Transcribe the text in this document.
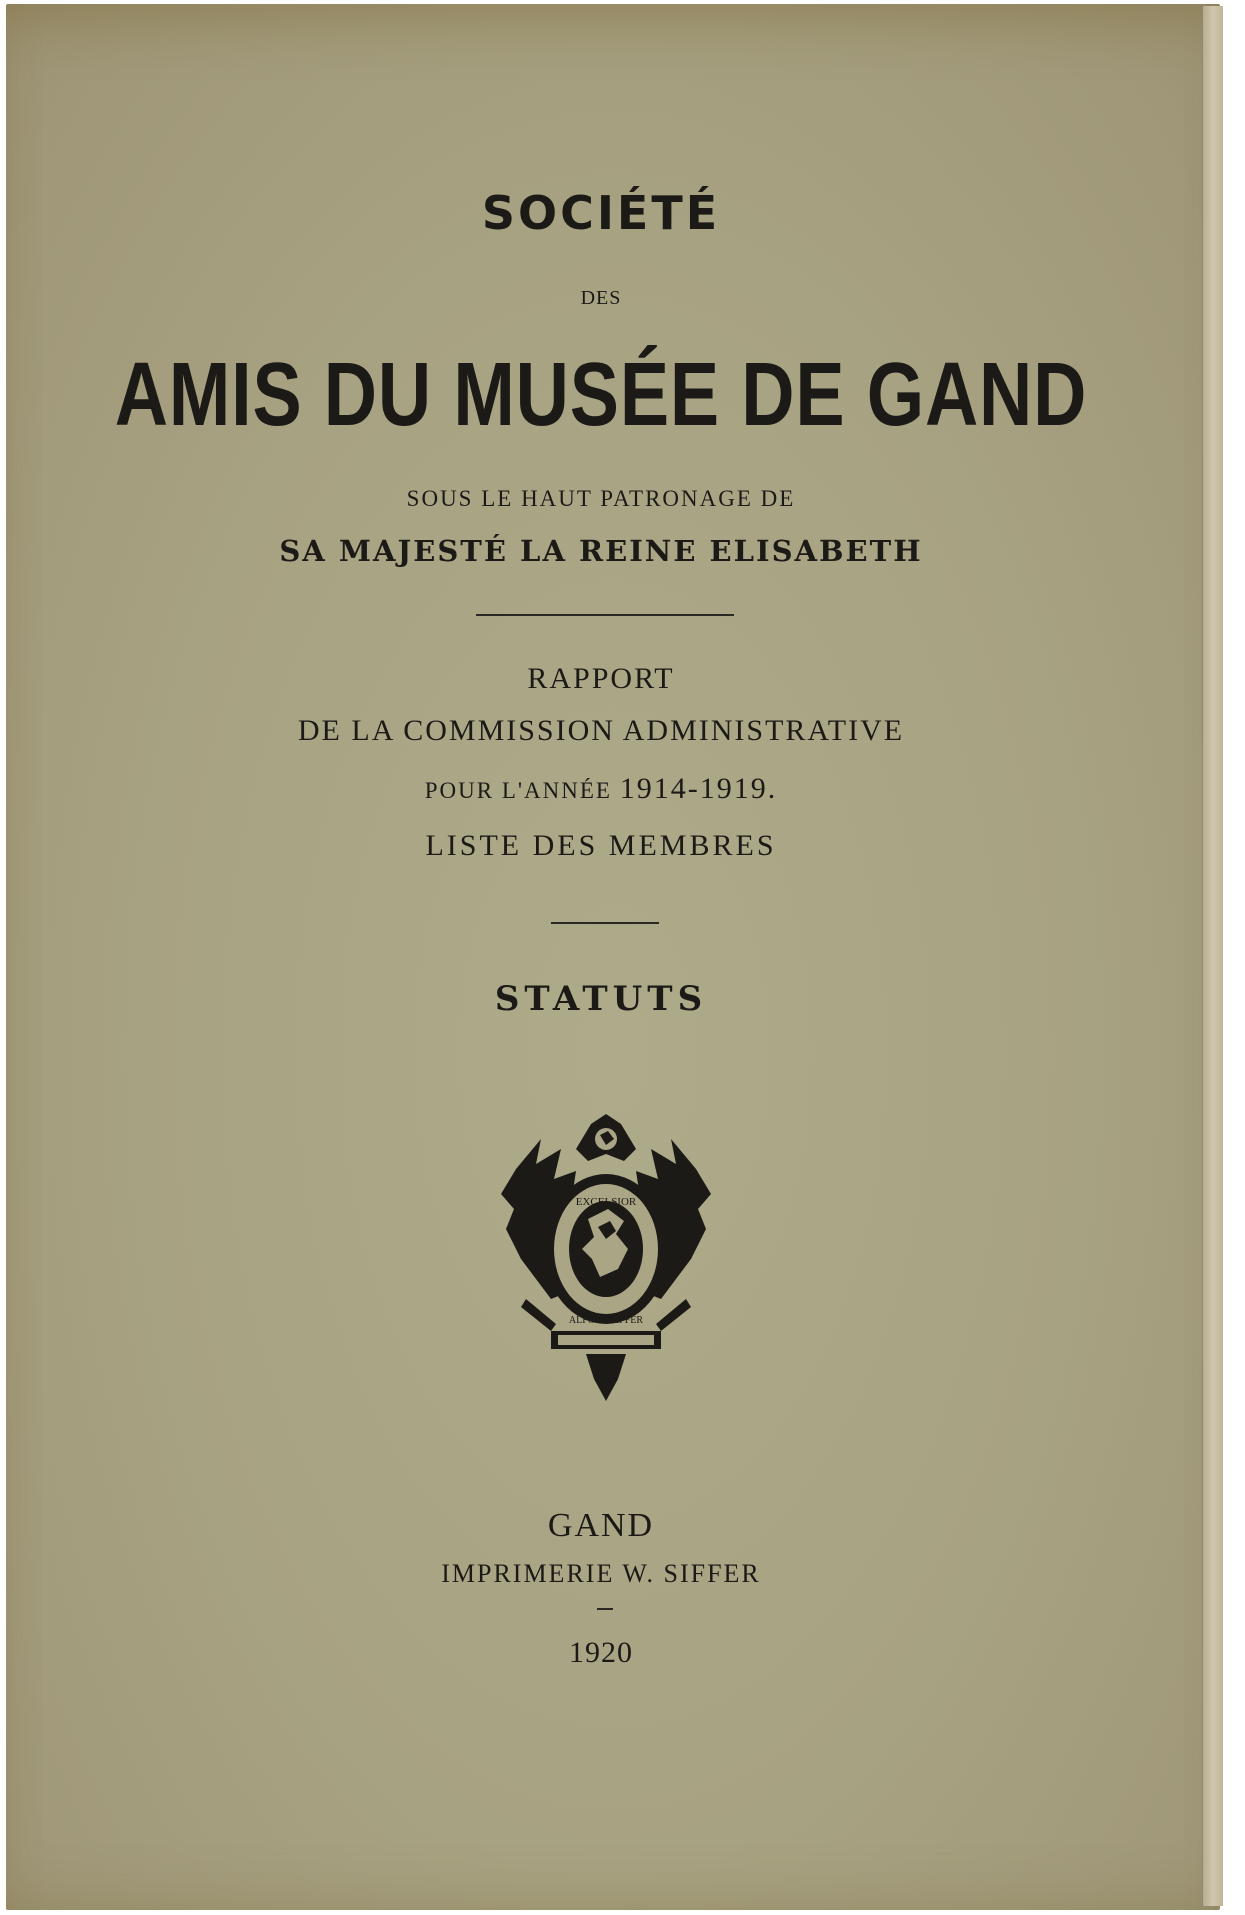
SOCIÉTÉ
DES
AMIS DU MUSÉE DE GAND
SOUS LE HAUT PATRONAGE DE
SA MAJESTÉ LA REINE ELISABETH
RAPPORT
DE LA COMMISSION ADMINISTRATIVE
POUR L'ANNÉE 1914-1919.
LISTE DES MEMBRES
STATUTS
EXCELSIOR
ALFONS SIFFER
GAND
IMPRIMERIE W. SIFFER
1920
